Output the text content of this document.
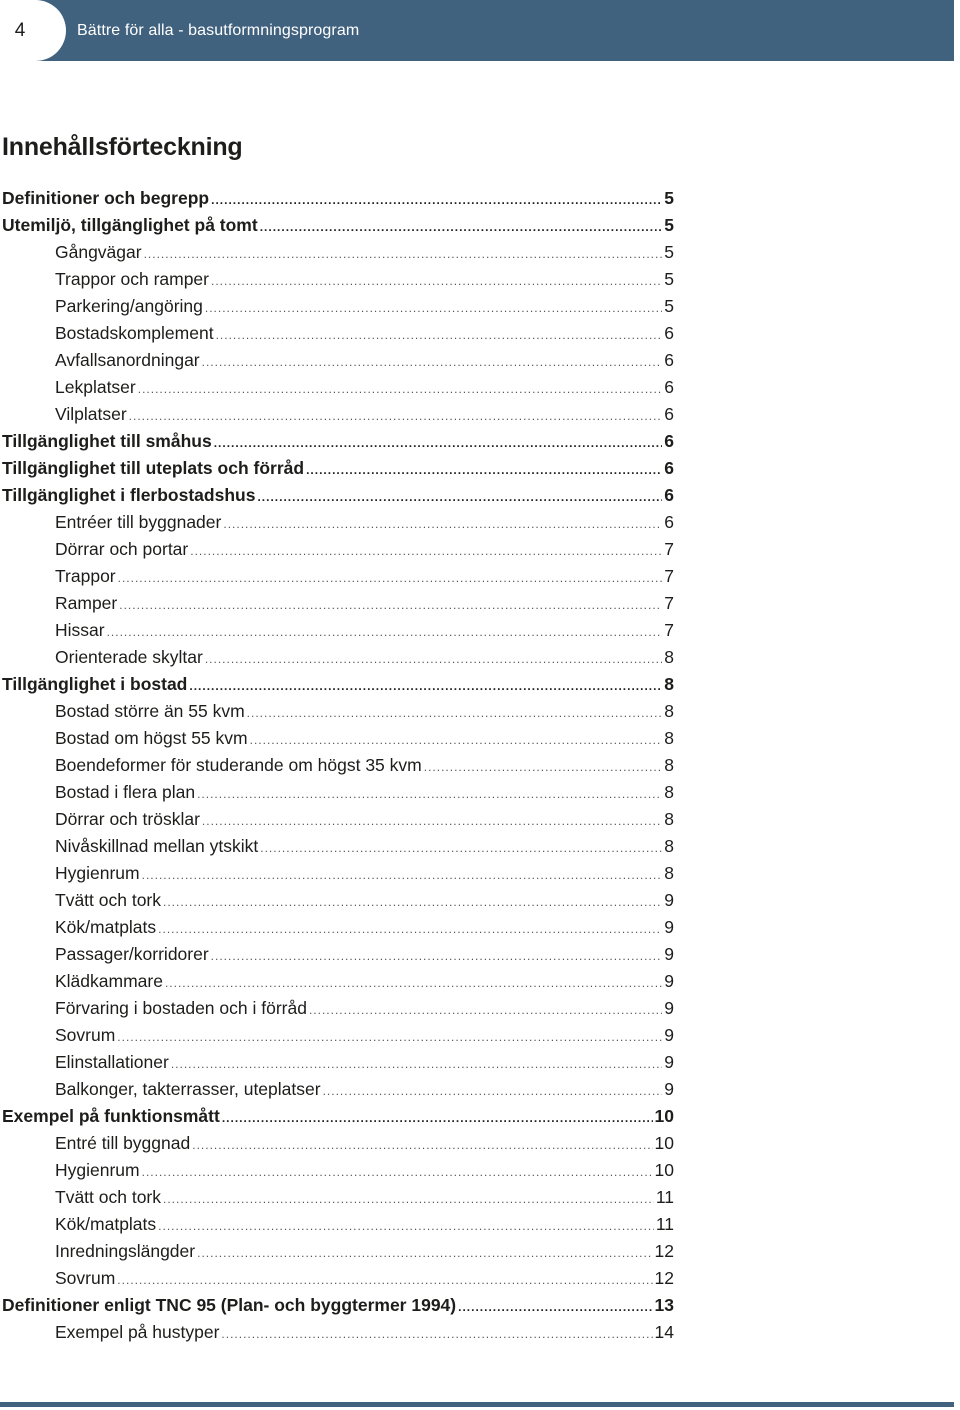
4	Bättre för alla - basutformningsprogram
Innehållsförteckning
Definitioner och begrepp .....	5
Utemiljö, tillgänglighet på tomt .....	5
Gångvägar .....	5
Trappor och ramper .....	5
Parkering/angöring .....	5
Bostadskomplement .....	6
Avfallsanordningar .....	6
Lekplatser .....	6
Vilplatser .....	6
Tillgänglighet till småhus .....	6
Tillgänglighet till uteplats och förråd .....	6
Tillgänglighet i flerbostadshus .....	6
Entréer till byggnader .....	6
Dörrar och portar .....	7
Trappor .....	7
Ramper .....	7
Hissar .....	7
Orienterade skyltar .....	8
Tillgänglighet i bostad .....	8
Bostad större än 55 kvm .....	8
Bostad om högst 55 kvm .....	8
Boendeformer för studerande om högst 35 kvm .....	8
Bostad i flera plan .....	8
Dörrar och trösklar .....	8
Nivåskillnad mellan ytskikt .....	8
Hygienrum .....	8
Tvätt och tork .....	9
Kök/matplats .....	9
Passager/korridorer .....	9
Klädkammare .....	9
Förvaring i bostaden och i förråd .....	9
Sovrum .....	9
Elinstallationer .....	9
Balkonger, takterrasser, uteplatser .....	9
Exempel på funktionsmått .....	10
Entré till byggnad .....	10
Hygienrum .....	10
Tvätt och tork .....	11
Kök/matplats .....	11
Inredningslängder .....	12
Sovrum .....	12
Definitioner enligt TNC 95 (Plan- och byggtermer 1994) .....	13
Exempel på hustyper .....	14
